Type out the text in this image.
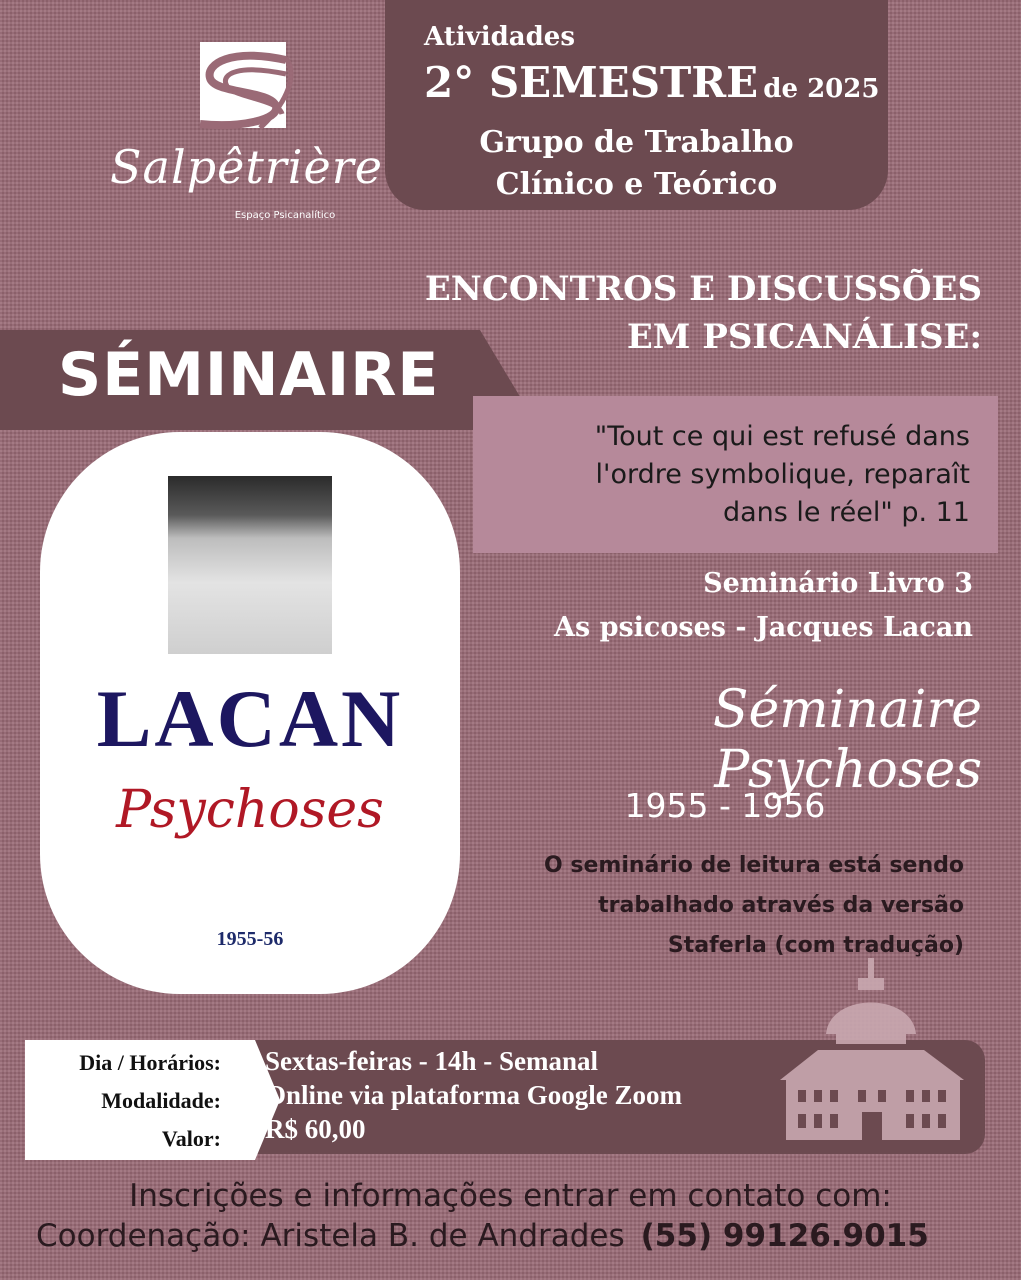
Salpêtrière
Espaço Psicanalítico
Atividades
2° SEMESTRE de 2025
Grupo de Trabalho
Clínico e Teórico
ENCONTROS E DISCUSSÕES
EM PSICANÁLISE:
SÉMINAIRE
"Tout ce qui est refusé dans
l'ordre symbolique, reparaît
dans le réel" p. 11
LACAN
Psychoses
1955-56
Seminário Livro 3
As psicoses - Jacques Lacan
Séminaire Psychoses
1955 - 1956
O seminário de leitura está sendo
trabalhado através da versão
Staferla (com tradução)
Dia / Horários:
Modalidade:
Valor:
Sextas-feiras - 14h - Semanal
Online via plataforma Google Zoom
R$ 60,00
Inscrições e informações entrar em contato com:
Coordenação: Aristela B. de Andrades (55) 99126.9015
